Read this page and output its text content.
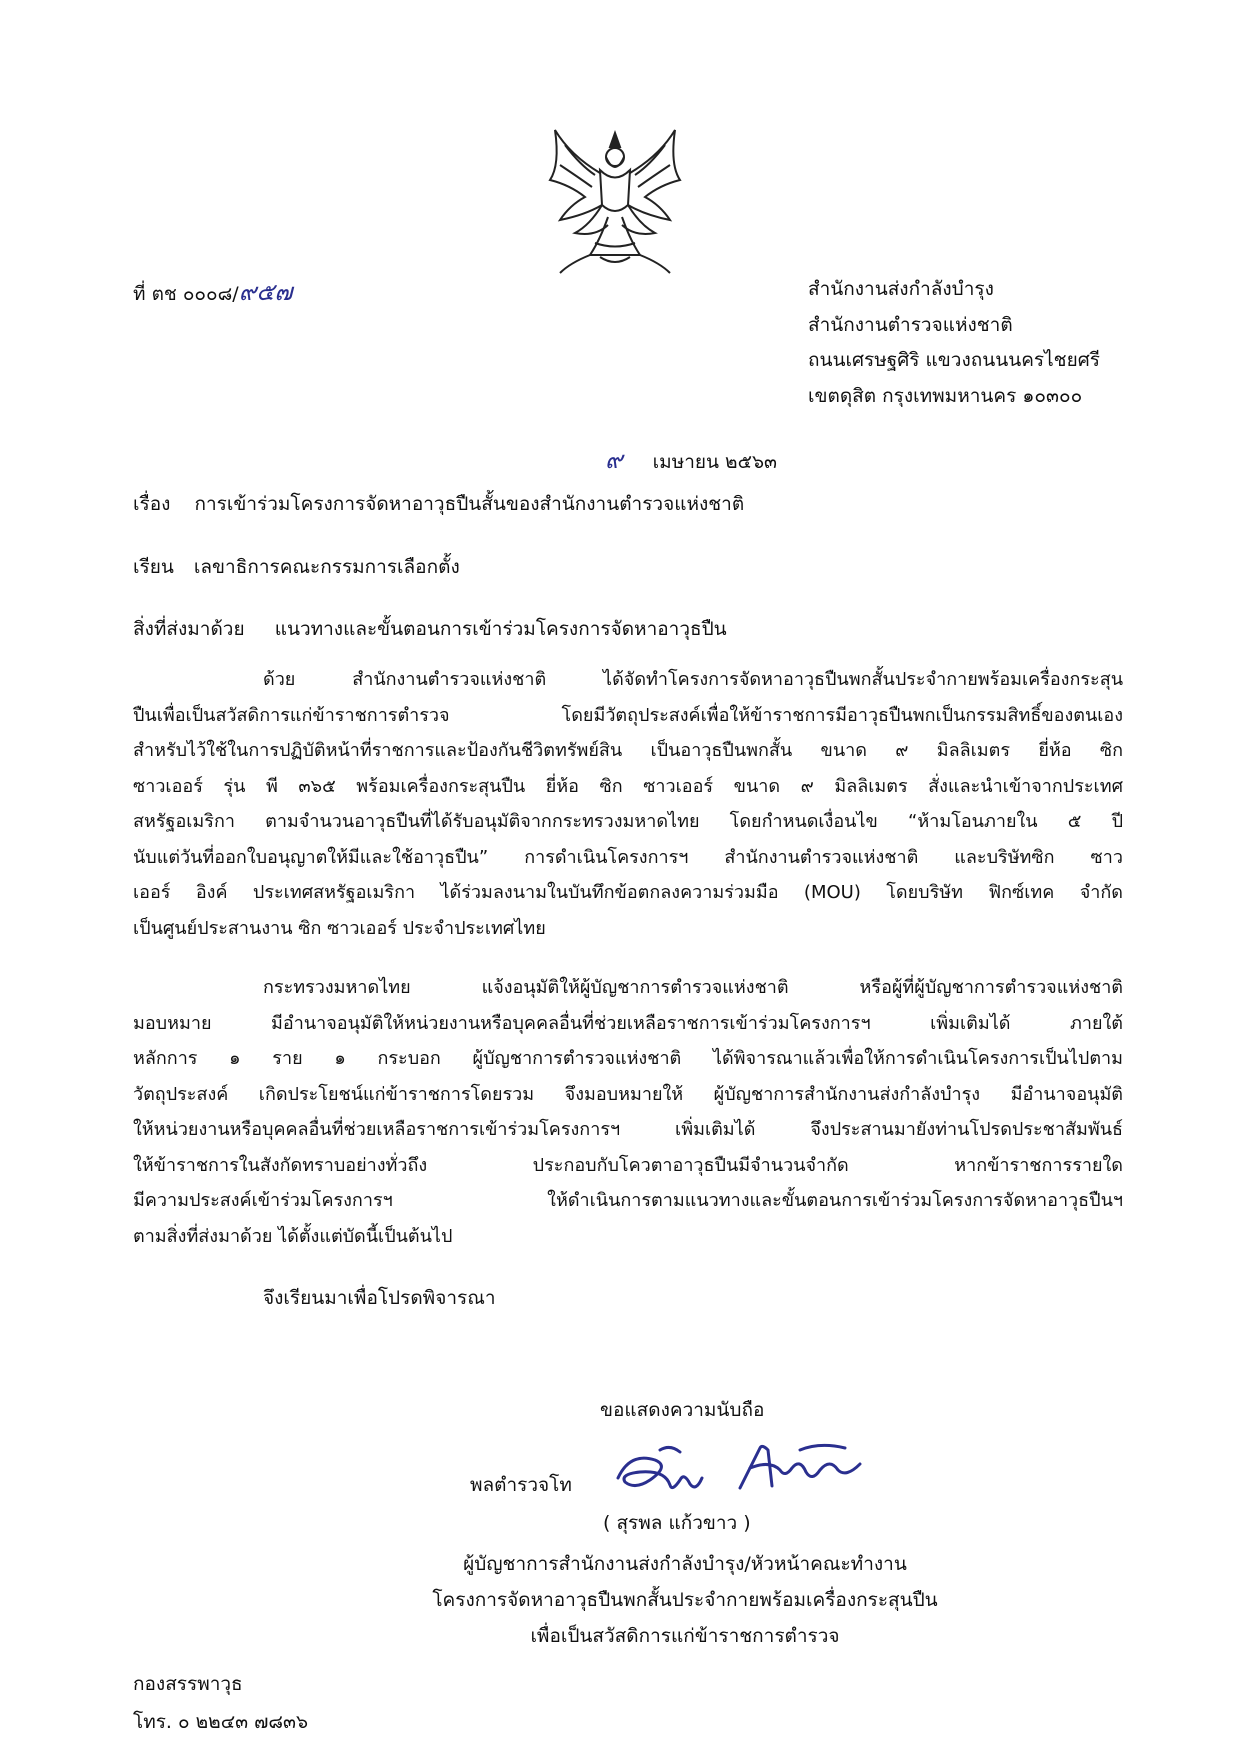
ที่ ตช ๐๐๐๘/๙๕๗	สำนักงานส่งกำลังบำรุง
สำนักงานตำรวจแห่งชาติ
ถนนเศรษฐศิริ แขวงถนนนครไชยศรี
เขตดุสิต กรุงเทพมหานคร ๑๐๓๐๐
๙ เมษายน ๒๕๖๓
เรื่อง การเข้าร่วมโครงการจัดหาอาวุธปืนสั้นของสำนักงานตำรวจแห่งชาติ
เรียน เลขาธิการคณะกรรมการเลือกตั้ง
สิ่งที่ส่งมาด้วย แนวทางและขั้นตอนการเข้าร่วมโครงการจัดหาอาวุธปืน
ด้วย สำนักงานตำรวจแห่งชาติ ได้จัดทำโครงการจัดหาอาวุธปืนพกสั้นประจำกายพร้อมเครื่องกระสุน
ปืนเพื่อเป็นสวัสดิการแก่ข้าราชการตำรวจ โดยมีวัตถุประสงค์เพื่อให้ข้าราชการมีอาวุธปืนพกเป็นกรรมสิทธิ์ของตนเอง
สำหรับไว้ใช้ในการปฏิบัติหน้าที่ราชการและป้องกันชีวิตทรัพย์สิน เป็นอาวุธปืนพกสั้น ขนาด ๙ มิลลิเมตร ยี่ห้อ ซิก
ซาวเออร์ รุ่น พี ๓๖๕ พร้อมเครื่องกระสุนปืน ยี่ห้อ ซิก ซาวเออร์ ขนาด ๙ มิลลิเมตร สั่งและนำเข้าจากประเทศ
สหรัฐอเมริกา ตามจำนวนอาวุธปืนที่ได้รับอนุมัติจากกระทรวงมหาดไทย โดยกำหนดเงื่อนไข “ห้ามโอนภายใน ๕ ปี
นับแต่วันที่ออกใบอนุญาตให้มีและใช้อาวุธปืน” การดำเนินโครงการฯ สำนักงานตำรวจแห่งชาติ และบริษัทซิก ซาว
เออร์ อิงค์ ประเทศสหรัฐอเมริกา ได้ร่วมลงนามในบันทึกข้อตกลงความร่วมมือ (MOU) โดยบริษัท ฟิกซ์เทค จำกัด
เป็นศูนย์ประสานงาน ซิก ซาวเออร์ ประจำประเทศไทย
กระทรวงมหาดไทย แจ้งอนุมัติให้ผู้บัญชาการตำรวจแห่งชาติ หรือผู้ที่ผู้บัญชาการตำรวจแห่งชาติ
มอบหมาย มีอำนาจอนุมัติให้หน่วยงานหรือบุคคลอื่นที่ช่วยเหลือราชการเข้าร่วมโครงการฯ เพิ่มเติมได้ ภายใต้
หลักการ ๑ ราย ๑ กระบอก ผู้บัญชาการตำรวจแห่งชาติ ได้พิจารณาแล้วเพื่อให้การดำเนินโครงการเป็นไปตาม
วัตถุประสงค์ เกิดประโยชน์แก่ข้าราชการโดยรวม จึงมอบหมายให้ ผู้บัญชาการสำนักงานส่งกำลังบำรุง มีอำนาจอนุมัติ
ให้หน่วยงานหรือบุคคลอื่นที่ช่วยเหลือราชการเข้าร่วมโครงการฯ เพิ่มเติมได้ จึงประสานมายังท่านโปรดประชาสัมพันธ์
ให้ข้าราชการในสังกัดทราบอย่างทั่วถึง ประกอบกับโควตาอาวุธปืนมีจำนวนจำกัด หากข้าราชการรายใด
มีความประสงค์เข้าร่วมโครงการฯ ให้ดำเนินการตามแนวทางและขั้นตอนการเข้าร่วมโครงการจัดหาอาวุธปืนฯ
ตามสิ่งที่ส่งมาด้วย ได้ตั้งแต่บัดนี้เป็นต้นไป
จึงเรียนมาเพื่อโปรดพิจารณา
ขอแสดงความนับถือ
พลตำรวจโท
( สุรพล แก้วขาว )
ผู้บัญชาการสำนักงานส่งกำลังบำรุง/หัวหน้าคณะทำงาน
โครงการจัดหาอาวุธปืนพกสั้นประจำกายพร้อมเครื่องกระสุนปืน
เพื่อเป็นสวัสดิการแก่ข้าราชการตำรวจ
กองสรรพาวุธ
โทร. ๐ ๒๒๔๓ ๗๘๓๖
